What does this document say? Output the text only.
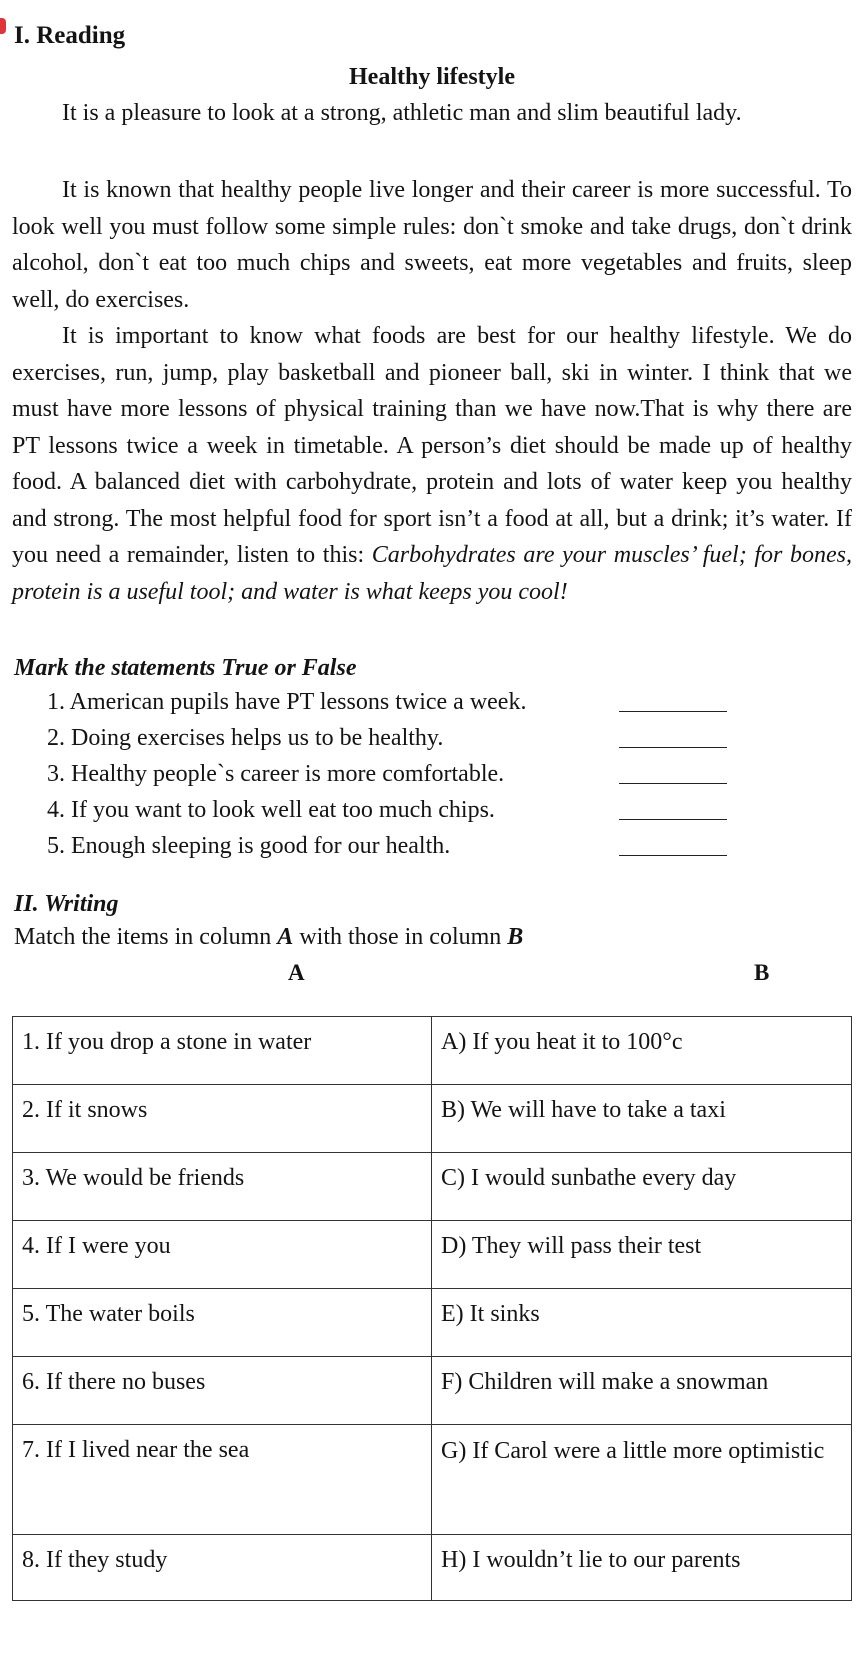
I. Reading
Healthy lifestyle
It is a pleasure to look at a strong, athletic man and slim beautiful lady.
It is known that healthy people live longer and their career is more successful. To look well you must follow some simple rules: don`t smoke and take drugs, don`t drink alcohol, don`t eat too much chips and sweets, eat more vegetables and fruits, sleep well, do exercises.
It is important to know what foods are best for our healthy lifestyle. We do exercises, run, jump, play basketball and pioneer ball, ski in winter. I think that we must have more lessons of physical training than we have now.That is why there are PT lessons twice a week in timetable. A person’s diet should be made up of healthy food. A balanced diet with carbohydrate, protein and lots of water keep you healthy and strong. The most helpful food for sport isn’t a food at all, but a drink; it’s water. If you need a remainder, listen to this: Carbohydrates are your muscles’ fuel; for bones, protein is a useful tool; and water is what keeps you cool!
Mark the statements True or False
1. American pupils have PT lessons twice a week.
2. Doing exercises helps us to be healthy.
3. Healthy people`s career is more comfortable.
4. If you want to look well eat too much chips.
5. Enough sleeping is good for our health.
II. Writing
Match the items in column A with those in column B
A	B
1. If you drop a stone in water	A) If you heat it to 100°c
2. If it snows	B) We will have to take a taxi
3. We would be friends	C) I would sunbathe every day
4. If I were you	D) They will pass their test
5. The water boils	E) It sinks
6. If there no buses	F) Children will make a snowman
7. If I lived near the sea	G) If Carol were a little more optimistic
8. If they study	H) I wouldn’t lie to our parents
